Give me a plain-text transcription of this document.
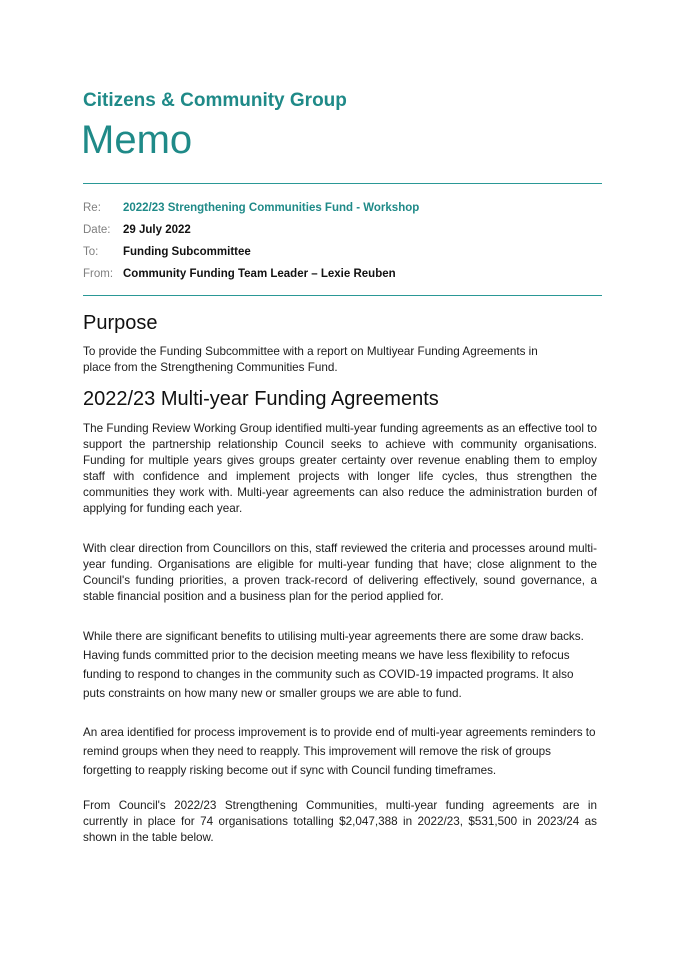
Citizens & Community Group
Memo
Re: 2022/23 Strengthening Communities Fund - Workshop
Date: 29 July 2022
To: Funding Subcommittee
From: Community Funding Team Leader – Lexie Reuben
Purpose

To provide the Funding Subcommittee with a report on Multiyear Funding Agreements in place from the Strengthening Communities Fund.

2022/23 Multi-year Funding Agreements

The Funding Review Working Group identified multi-year funding agreements as an effective tool to support the partnership relationship Council seeks to achieve with community organisations. Funding for multiple years gives groups greater certainty over revenue enabling them to employ staff with confidence and implement projects with longer life cycles, thus strengthen the communities they work with. Multi-year agreements can also reduce the administration burden of applying for funding each year.

With clear direction from Councillors on this, staff reviewed the criteria and processes around multi-year funding. Organisations are eligible for multi-year funding that have; close alignment to the Council's funding priorities, a proven track-record of delivering effectively, sound governance, a stable financial position and a business plan for the period applied for.

While there are significant benefits to utilising multi-year agreements there are some draw backs. Having funds committed prior to the decision meeting means we have less flexibility to refocus funding to respond to changes in the community such as COVID-19 impacted programs. It also puts constraints on how many new or smaller groups we are able to fund.

An area identified for process improvement is to provide end of multi-year agreements reminders to remind groups when they need to reapply. This improvement will remove the risk of groups forgetting to reapply risking become out if sync with Council funding timeframes.

From Council's 2022/23 Strengthening Communities, multi-year funding agreements are in currently in place for 74 organisations totalling $2,047,388 in 2022/23, $531,500 in 2023/24 as shown in the table below.
